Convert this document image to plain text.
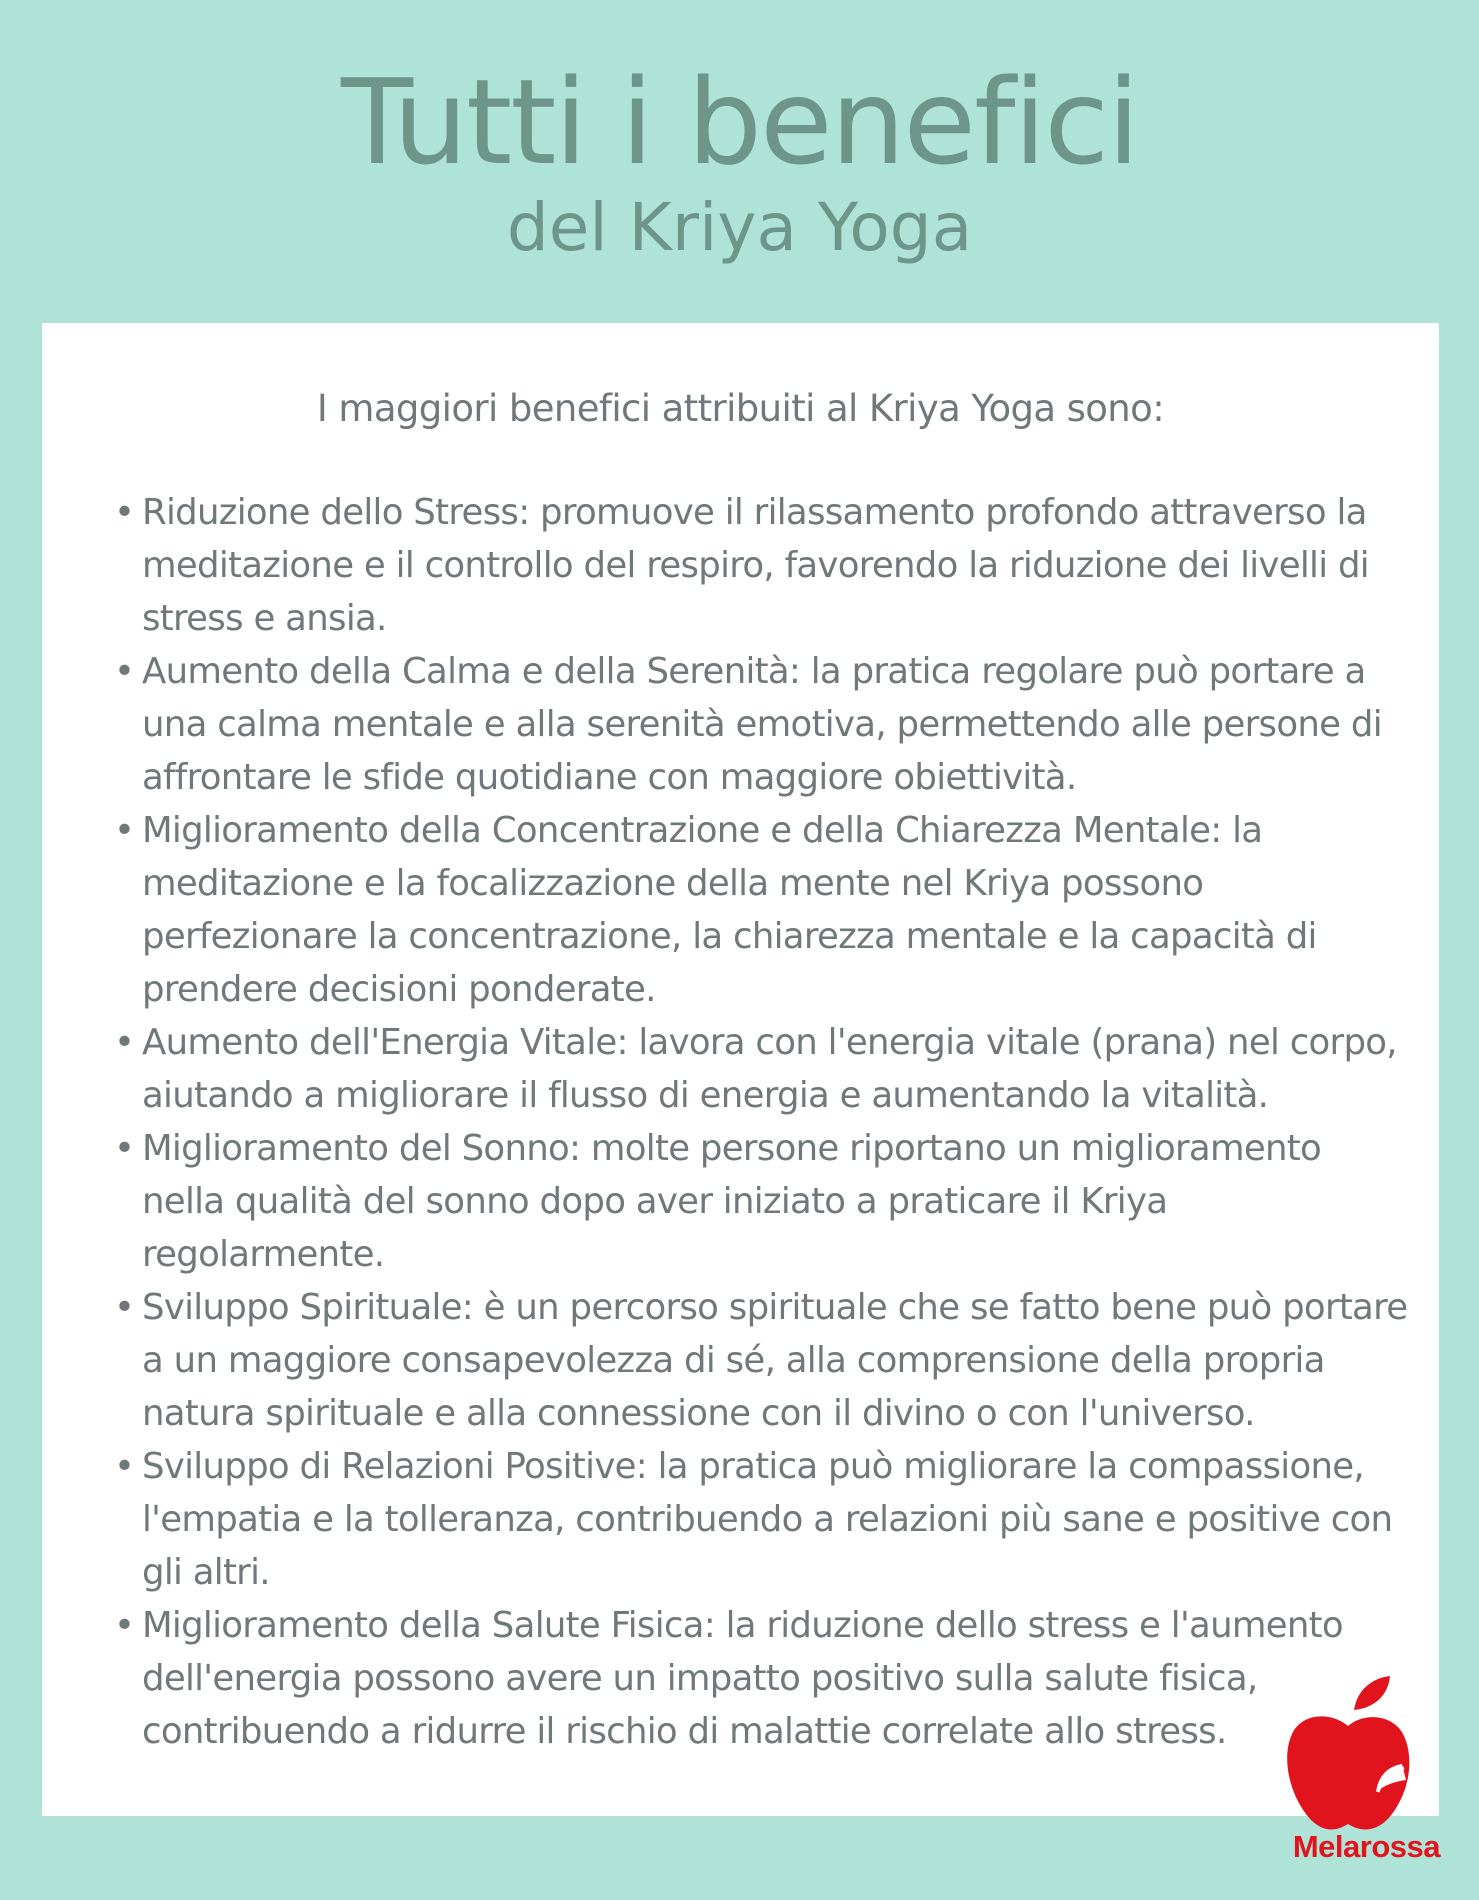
Tutti i benefici
del Kriya Yoga
I maggiori benefici attribuiti al Kriya Yoga sono:
• Riduzione dello Stress: promuove il rilassamento profondo attraverso la meditazione e il controllo del respiro, favorendo la riduzione dei livelli di stress e ansia.
• Aumento della Calma e della Serenità: la pratica regolare può portare a una calma mentale e alla serenità emotiva, permettendo alle persone di affrontare le sfide quotidiane con maggiore obiettività.
• Miglioramento della Concentrazione e della Chiarezza Mentale: la meditazione e la focalizzazione della mente nel Kriya possono perfezionare la concentrazione, la chiarezza mentale e la capacità di prendere decisioni ponderate.
• Aumento dell'Energia Vitale: lavora con l'energia vitale (prana) nel corpo, aiutando a migliorare il flusso di energia e aumentando la vitalità.
• Miglioramento del Sonno: molte persone riportano un miglioramento nella qualità del sonno dopo aver iniziato a praticare il Kriya regolarmente.
• Sviluppo Spirituale: è un percorso spirituale che se fatto bene può portare a un maggiore consapevolezza di sé, alla comprensione della propria natura spirituale e alla connessione con il divino o con l'universo.
• Sviluppo di Relazioni Positive: la pratica può migliorare la compassione, l'empatia e la tolleranza, contribuendo a relazioni più sane e positive con gli altri.
• Miglioramento della Salute Fisica: la riduzione dello stress e l'aumento dell'energia possono avere un impatto positivo sulla salute fisica, contribuendo a ridurre il rischio di malattie correlate allo stress.
Melarossa
